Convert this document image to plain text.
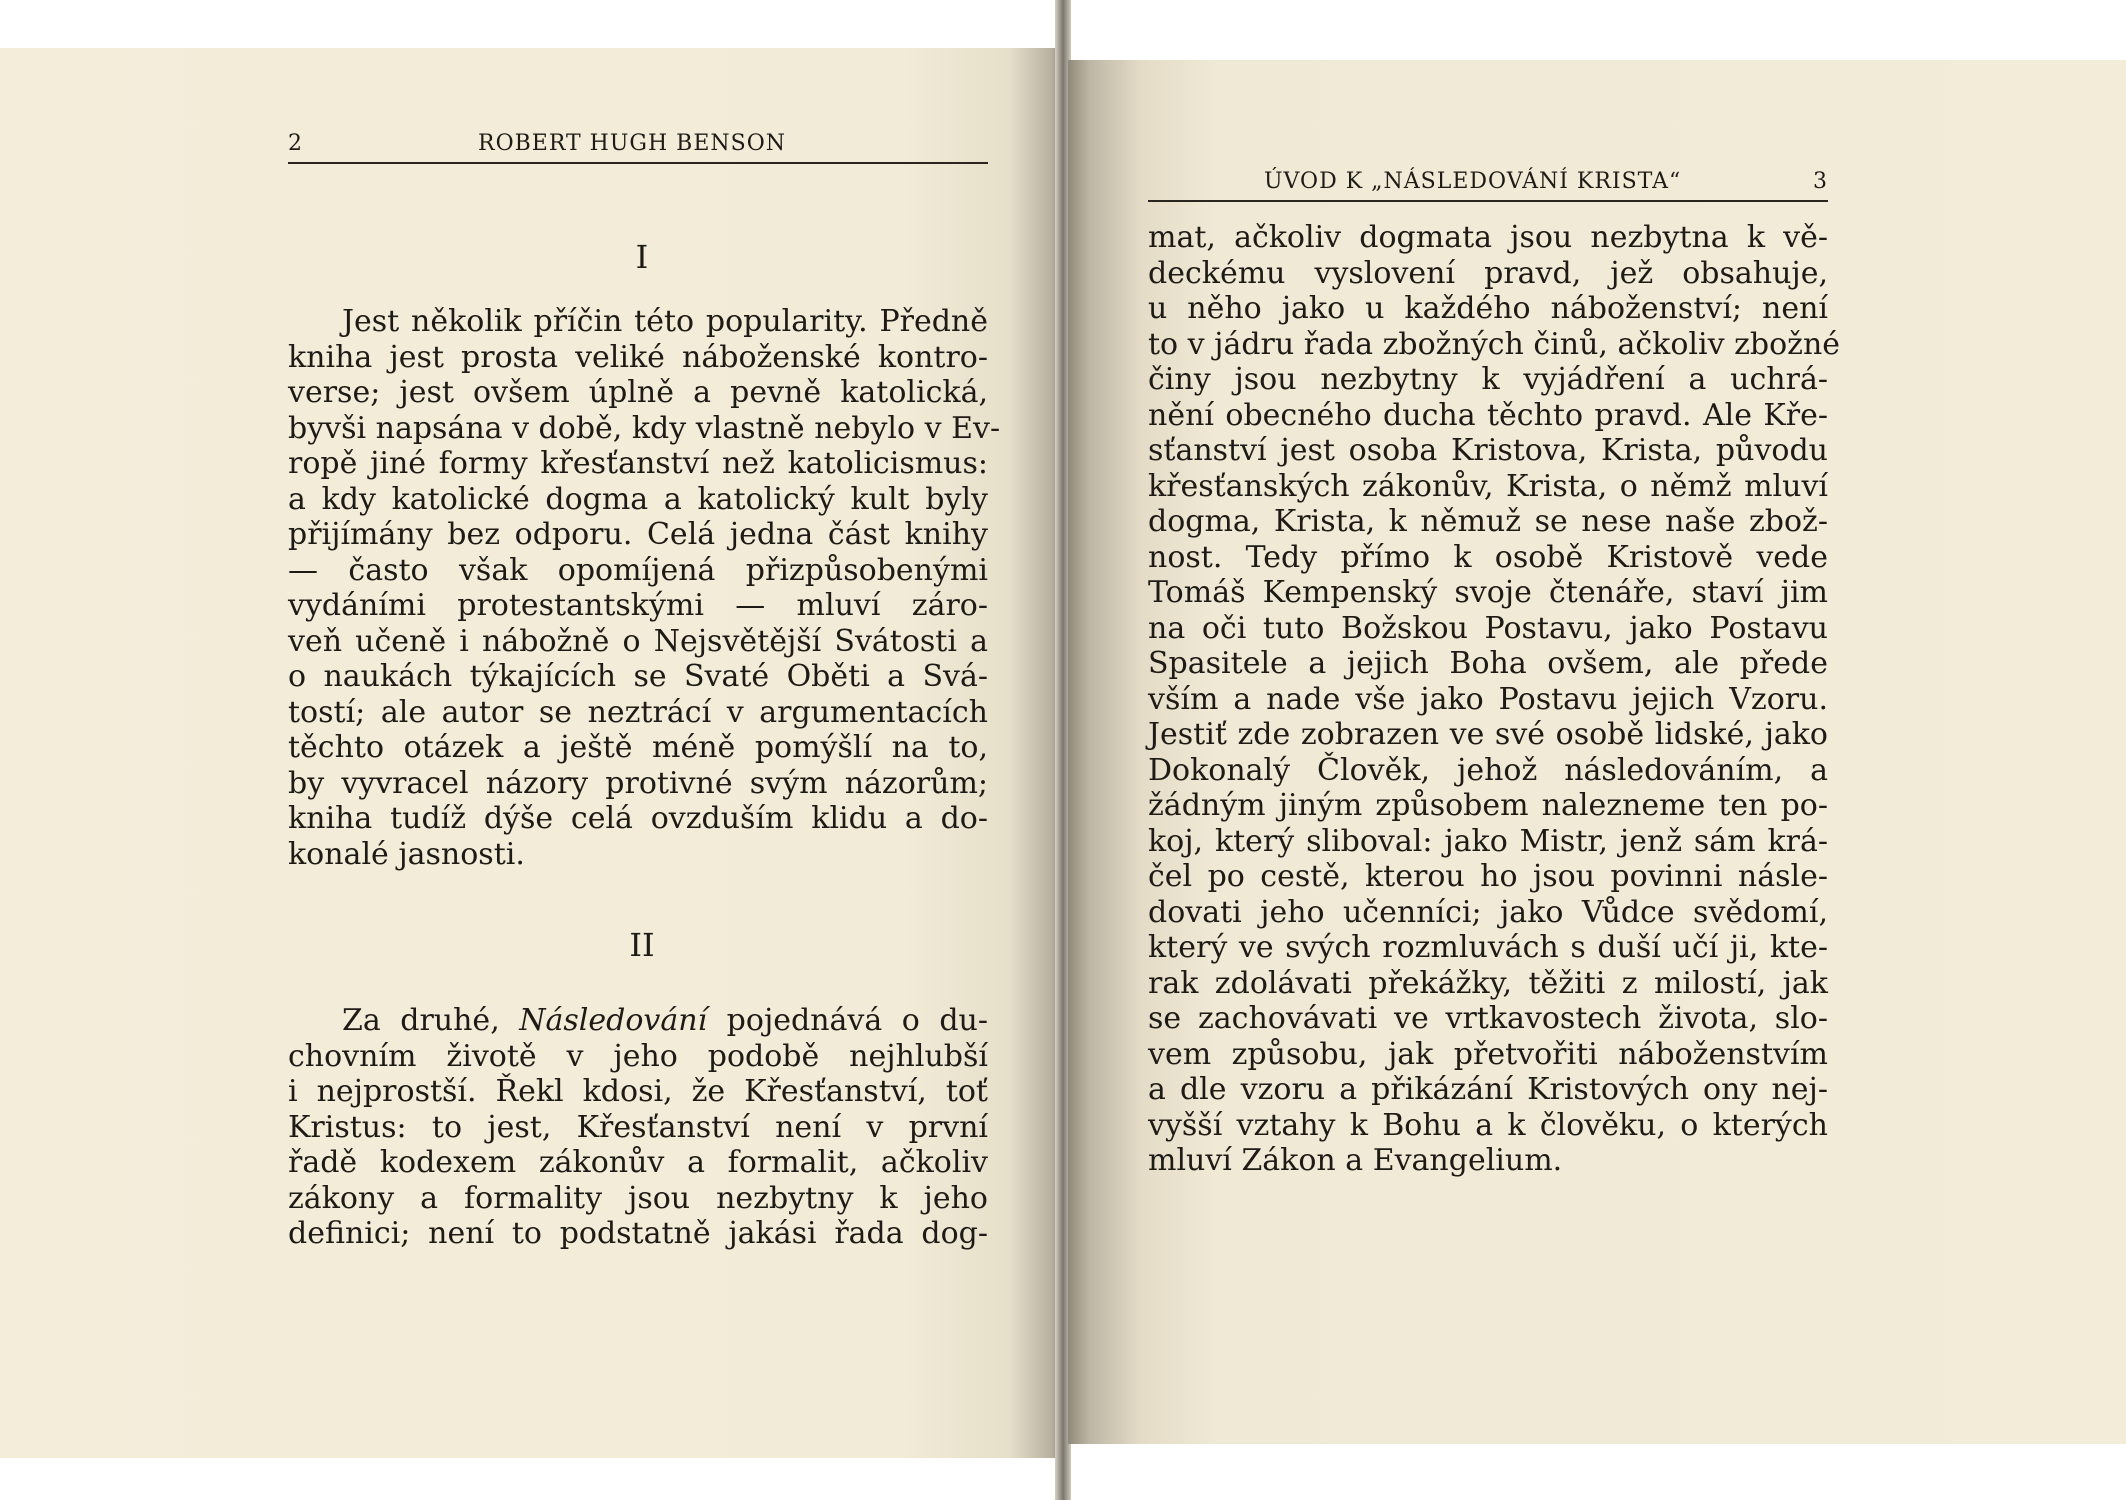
2	ROBERT HUGH BENSON
I
Jest několik příčin této popularity. Předně
kniha jest prosta veliké náboženské kontro-
verse; jest ovšem úplně a pevně katolická,
byvši napsána v době, kdy vlastně nebylo v Ev-
ropě jiné formy křesťanství než katolicismus:
a kdy katolické dogma a katolický kult byly
přijímány bez odporu. Celá jedna část knihy
— často však opomíjená přizpůsobenými
vydáními protestantskými — mluví záro-
veň učeně i nábožně o Nejsvětější Svátosti a
o naukách týkajících se Svaté Oběti a Svá-
tostí; ale autor se neztrácí v argumentacích
těchto otázek a ještě méně pomýšlí na to,
by vyvracel názory protivné svým názorům;
kniha tudíž dýše celá ovzduším klidu a do-
konalé jasnosti.
II
Za druhé, Následování pojednává o du-
chovním životě v jeho podobě nejhlubší
i nejprostší. Řekl kdosi, že Křesťanství, toť
Kristus: to jest, Křesťanství není v první
řadě kodexem zákonův a formalit, ačkoliv
zákony a formality jsou nezbytny k jeho
definici; není to podstatně jakási řada dog-
ÚVOD K „NÁSLEDOVÁNÍ KRISTA“	3
mat, ačkoliv dogmata jsou nezbytna k vě-
deckému vyslovení pravd, jež obsahuje,
u něho jako u každého náboženství; není
to v jádru řada zbožných činů, ačkoliv zbožné
činy jsou nezbytny k vyjádření a uchrá-
nění obecného ducha těchto pravd. Ale Kře-
sťanství jest osoba Kristova, Krista, původu
křesťanských zákonův, Krista, o němž mluví
dogma, Krista, k němuž se nese naše zbož-
nost. Tedy přímo k osobě Kristově vede
Tomáš Kempenský svoje čtenáře, staví jim
na oči tuto Božskou Postavu, jako Postavu
Spasitele a jejich Boha ovšem, ale přede
vším a nade vše jako Postavu jejich Vzoru.
Jestiť zde zobrazen ve své osobě lidské, jako
Dokonalý Člověk, jehož následováním, a
žádným jiným způsobem nalezneme ten po-
koj, který sliboval: jako Mistr, jenž sám krá-
čel po cestě, kterou ho jsou povinni násle-
dovati jeho učenníci; jako Vůdce svědomí,
který ve svých rozmluvách s duší učí ji, kte-
rak zdolávati překážky, těžiti z milostí, jak
se zachovávati ve vrtkavostech života, slo-
vem způsobu, jak přetvořiti náboženstvím
a dle vzoru a přikázání Kristových ony nej-
vyšší vztahy k Bohu a k člověku, o kterých
mluví Zákon a Evangelium.
